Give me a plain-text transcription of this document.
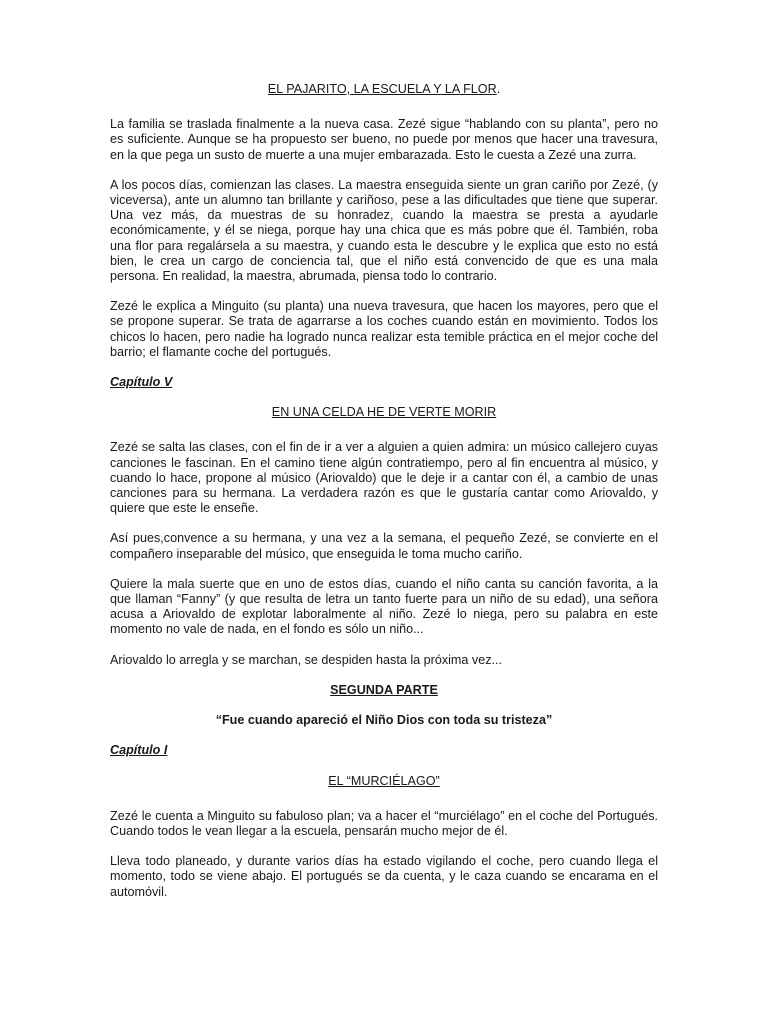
EL PAJARITO, LA ESCUELA Y LA FLOR.

La familia se traslada finalmente a la nueva casa. Zezé sigue “hablando con su planta”, pero no es suficiente. Aunque se ha propuesto ser bueno, no puede por menos que hacer una travesura, en la que pega un susto de muerte a una mujer embarazada. Esto le cuesta a Zezé una zurra.

A los pocos días, comienzan las clases. La maestra enseguida siente un gran cariño por Zezé, (y viceversa), ante un alumno tan brillante y cariñoso, pese a las dificultades que tiene que superar. Una vez más, da muestras de su honradez, cuando la maestra se presta a ayudarle económicamente, y él se niega, porque hay una chica que es más pobre que él. También, roba una flor para regalársela a su maestra, y cuando esta le descubre y le explica que esto no está bien, le crea un cargo de conciencia tal, que el niño está convencido de que es una mala persona. En realidad, la maestra, abrumada, piensa todo lo contrario.

Zezé le explica a Minguito (su planta) una nueva travesura, que hacen los mayores, pero que el se propone superar. Se trata de agarrarse a los coches cuando están en movimiento. Todos los chicos lo hacen, pero nadie ha logrado nunca realizar esta temible práctica en el mejor coche del barrio; el flamante coche del portugués.

Capítulo V

EN UNA CELDA HE DE VERTE MORIR

Zezé se salta las clases, con el fin de ir a ver a alguien a quien admira: un músico callejero cuyas canciones le fascinan. En el camino tiene algún contratiempo, pero al fin encuentra al músico, y cuando lo hace, propone al músico (Ariovaldo) que le deje ir a cantar con él, a cambio de unas canciones para su hermana. La verdadera razón es que le gustaría cantar como Ariovaldo, y quiere que este le enseñe.

Así pues,convence a su hermana, y una vez a la semana, el pequeño Zezé, se convierte en el compañero inseparable del músico, que enseguida le toma mucho cariño.

Quiere la mala suerte que en uno de estos días, cuando el niño canta su canción favorita, a la que llaman “Fanny” (y que resulta de letra un tanto fuerte para un niño de su edad), una señora acusa a Ariovaldo de explotar laboralmente al niño. Zezé lo niega, pero su palabra en este momento no vale de nada, en el fondo es sólo un niño...

Ariovaldo lo arregla y se marchan, se despiden hasta la próxima vez...

SEGUNDA PARTE

“Fue cuando apareció el Niño Dios con toda su tristeza”

Capítulo I

EL “MURCIÉLAGO”

Zezé le cuenta a Minguito su fabuloso plan; va a hacer el “murciélago” en el coche del Portugués. Cuando todos le vean llegar a la escuela, pensarán mucho mejor de él.

Lleva todo planeado, y durante varios días ha estado vigilando el coche, pero cuando llega el momento, todo se viene abajo. El portugués se da cuenta, y le caza cuando se encarama en el automóvil.
